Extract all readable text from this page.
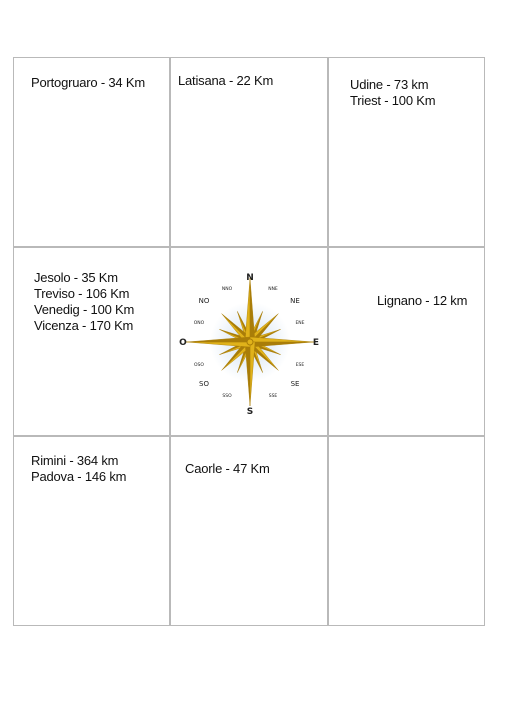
Portogruaro - 34 Km	Latisana - 22 Km	Udine - 73 km
Triest - 100 Km
Jesolo - 35 Km
Treviso - 106 Km
Venedig - 100 Km
Vicenza - 170 Km
N
S
O	E
NO	NE
SO	SE
NNO	NNE
ONO	ENE
OSO	ESE
SSO	SSE
Lignano - 12 km
Rimini - 364 km
Padova - 146 km
Caorle - 47 Km
